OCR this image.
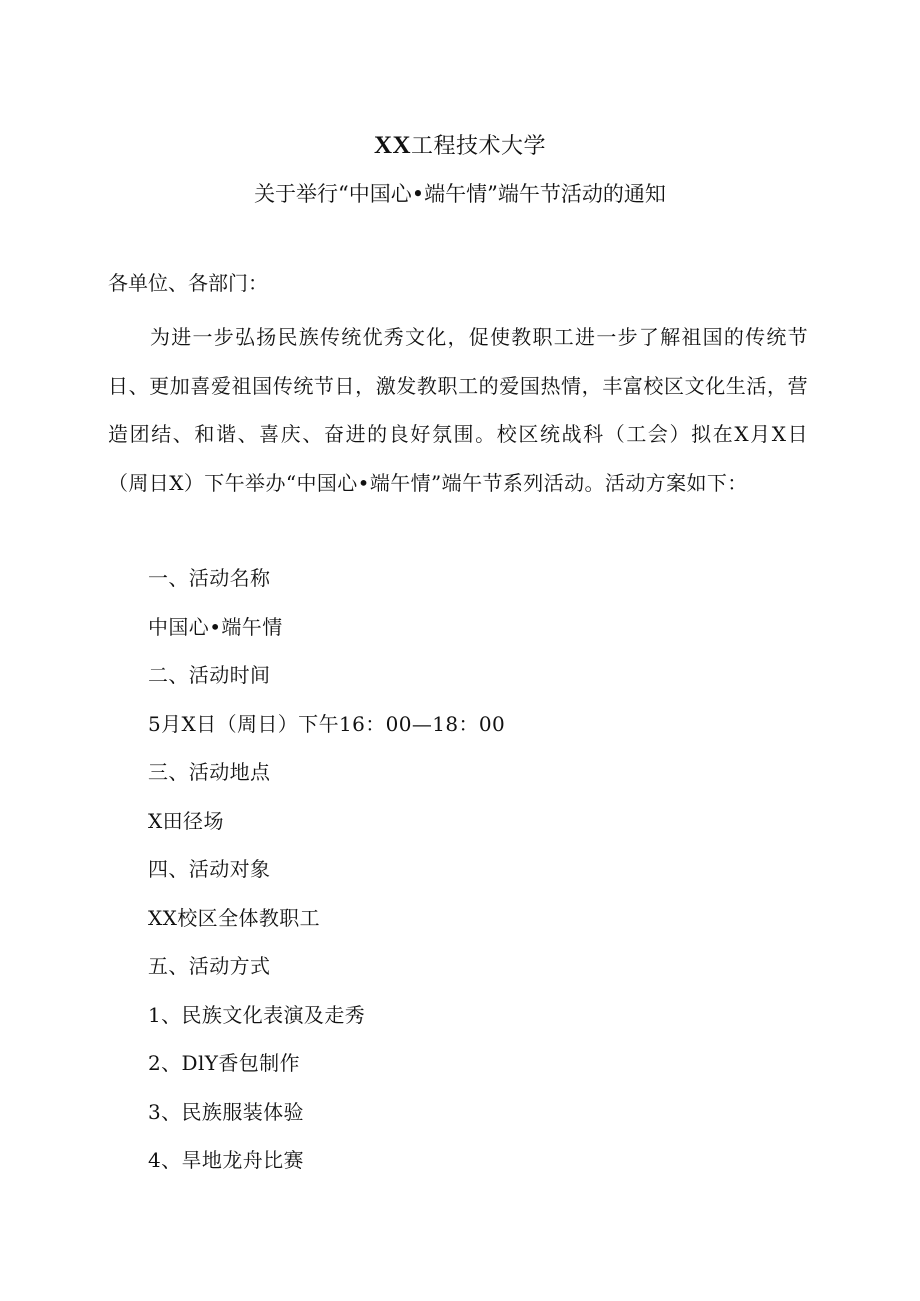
XX工程技术大学
关于举行“中国心•端午情”端午节活动的通知
各单位、各部门：
为进一步弘扬民族传统优秀文化，促使教职工进一步了解祖国的传统节日、更加喜爱祖国传统节日，激发教职工的爱国热情，丰富校区文化生活，营造团结、和谐、喜庆、奋进的良好氛围。校区统战科（工会）拟在X月X日（周日X）下午举办“中国心•端午情”端午节系列活动。活动方案如下：
一、活动名称
中国心•端午情
二、活动时间
5月X日（周日）下午16：00—18：00
三、活动地点
X田径场
四、活动对象
XX校区全体教职工
五、活动方式
1、民族文化表演及走秀
2、DlY香包制作
3、民族服装体验
4、旱地龙舟比赛
